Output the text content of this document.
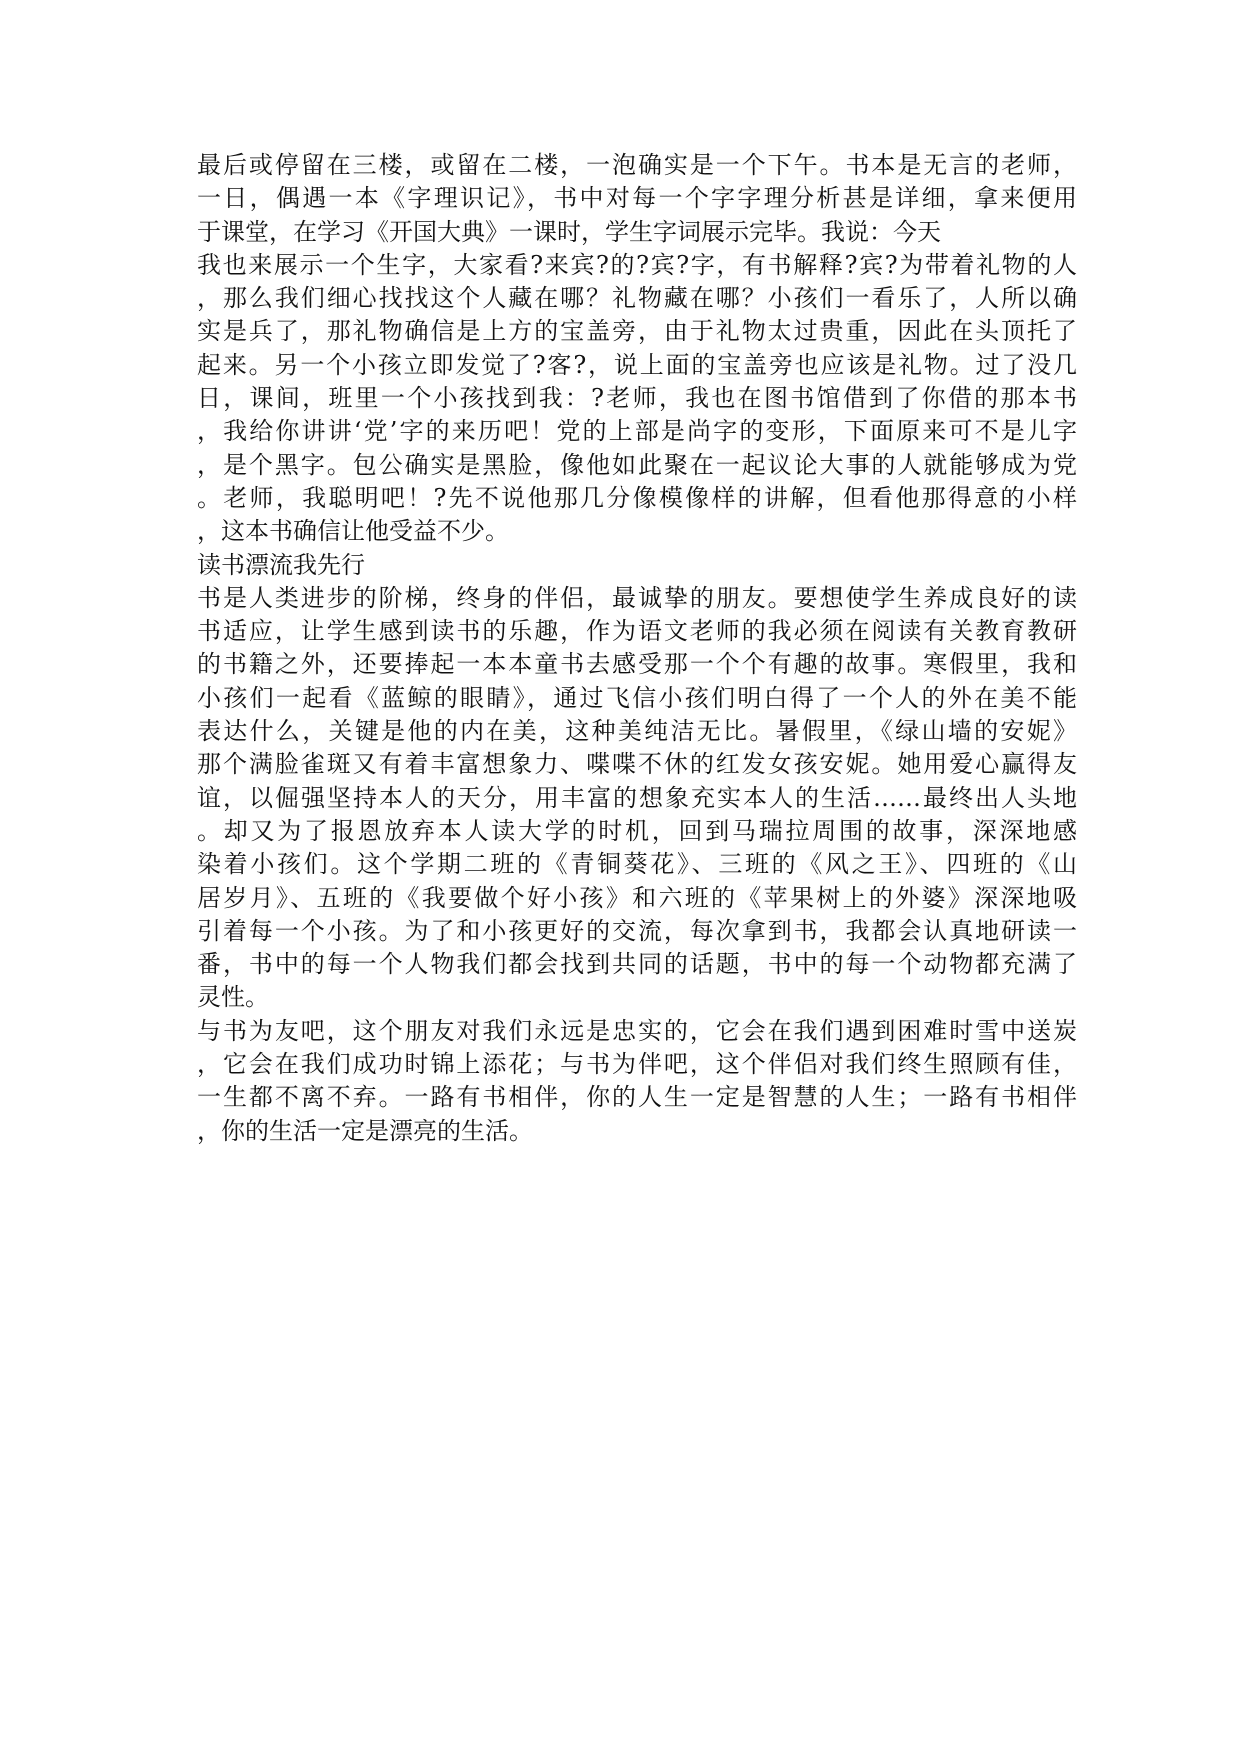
最后或停留在三楼，或留在二楼，一泡确实是一个下午。书本是无言的老师，
一日，偶遇一本《字理识记》，书中对每一个字字理分析甚是详细，拿来便用
于课堂，在学习《开国大典》一课时，学生字词展示完毕。我说：今天
我也来展示一个生字，大家看?来宾?的?宾?字，有书解释?宾?为带着礼物的人
，那么我们细心找找这个人藏在哪？礼物藏在哪？小孩们一看乐了，人所以确
实是兵了，那礼物确信是上方的宝盖旁，由于礼物太过贵重，因此在头顶托了
起来。另一个小孩立即发觉了?客?，说上面的宝盖旁也应该是礼物。过了没几
日，课间，班里一个小孩找到我：?老师，我也在图书馆借到了你借的那本书
，我给你讲讲‘党’字的来历吧！党的上部是尚字的变形，下面原来可不是儿字
，是个黑字。包公确实是黑脸，像他如此聚在一起议论大事的人就能够成为党
。老师，我聪明吧！?先不说他那几分像模像样的讲解，但看他那得意的小样
，这本书确信让他受益不少。
读书漂流我先行
书是人类进步的阶梯，终身的伴侣，最诚挚的朋友。要想使学生养成良好的读
书适应，让学生感到读书的乐趣，作为语文老师的我必须在阅读有关教育教研
的书籍之外，还要捧起一本本童书去感受那一个个有趣的故事。寒假里，我和
小孩们一起看《蓝鲸的眼睛》，通过飞信小孩们明白得了一个人的外在美不能
表达什么，关键是他的内在美，这种美纯洁无比。暑假里，《绿山墙的安妮》
那个满脸雀斑又有着丰富想象力、喋喋不休的红发女孩安妮。她用爱心赢得友
谊，以倔强坚持本人的天分，用丰富的想象充实本人的生活……最终出人头地
。却又为了报恩放弃本人读大学的时机，回到马瑞拉周围的故事，深深地感
染着小孩们。这个学期二班的《青铜葵花》、三班的《风之王》、四班的《山
居岁月》、五班的《我要做个好小孩》和六班的《苹果树上的外婆》深深地吸
引着每一个小孩。为了和小孩更好的交流，每次拿到书，我都会认真地研读一
番，书中的每一个人物我们都会找到共同的话题，书中的每一个动物都充满了
灵性。
与书为友吧，这个朋友对我们永远是忠实的，它会在我们遇到困难时雪中送炭
，它会在我们成功时锦上添花；与书为伴吧，这个伴侣对我们终生照顾有佳，
一生都不离不弃。一路有书相伴，你的人生一定是智慧的人生；一路有书相伴
，你的生活一定是漂亮的生活。
